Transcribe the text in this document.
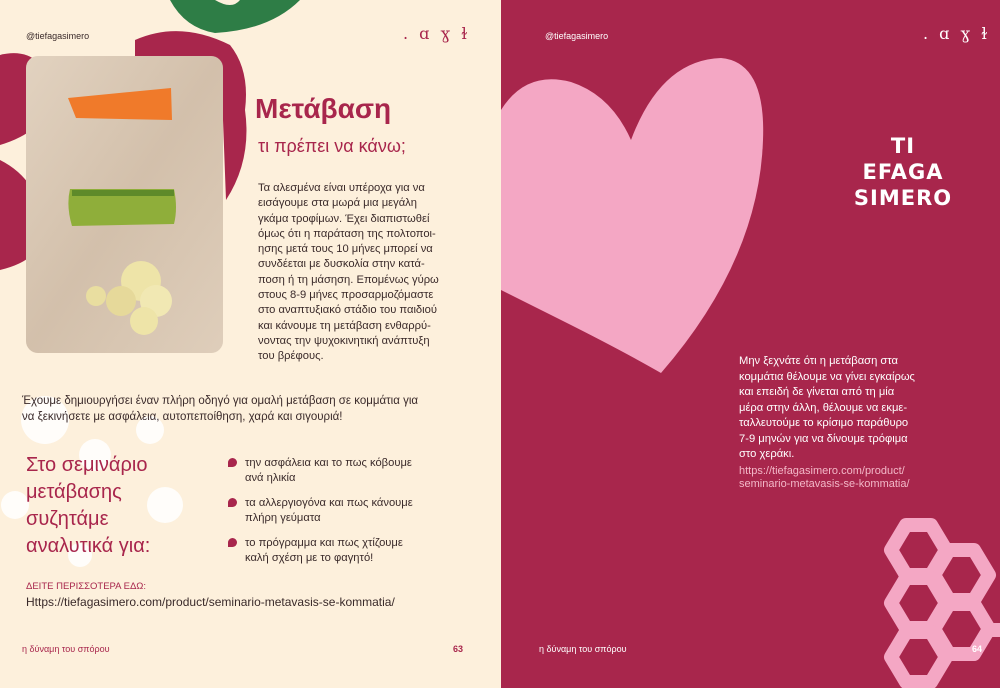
@tiefagasimero	. ɑ ɣ ɫ
Μετάβαση
τι πρέπει να κάνω;

Τα αλεσμένα είναι υπέροχα για να

εισάγουμε στα μωρά μια μεγάλη

γκάμα τροφίμων. Έχει διαπιστωθεί

όμως ότι η παράταση της πολτοποι-

ησης μετά τους 10 μήνες μπορεί να

συνδέεται με δυσκολία στην κατά-

ποση ή τη μάσηση. Επομένως γύρω

στους 8-9 μήνες προσαρμοζόμαστε

στο αναπτυξιακό στάδιο του παιδιού

και κάνουμε τη μετάβαση ενθαρρύ-

νοντας την ψυχοκινητική ανάπτυξη

του βρέφους.

Έχουμε δημιουργήσει έναν πλήρη οδηγό για ομαλή μετάβαση σε κομμάτια για

να ξεκινήσετε με ασφάλεια, αυτοπεποίθηση, χαρά και σιγουριά!

Στο σεμινάριο

μετάβασης

συζητάμε

αναλυτικά για:

την ασφάλεια και το πως κόβουμε

ανά ηλικία

τα αλλεργιογόνα και πως κάνουμε

πλήρη γεύματα

το πρόγραμμα και πως χτίζουμε

καλή σχέση με το φαγητό!

ΔΕΙΤΕ ΠΕΡΙΣΣΟΤΕΡΑ ΕΔΩ:
Https://tiefagasimero.com/product/seminario-metavasis-se-kommatia/
η δύναμη του σπόρου	63
@tiefagasimero	. ɑ ɣ ɫ
TI
EFAGA
SIMERO

Μην ξεχνάτε ότι η μετάβαση στα

κομμάτια θέλουμε να γίνει εγκαίρως

και επειδή δε γίνεται από τη μία

μέρα στην άλλη, θέλουμε να εκμε-

ταλλευτούμε το κρίσιμο παράθυρο

7-9 μηνών για να δίνουμε τρόφιμα

στο χεράκι.

https://tiefagasimero.com/product/

seminario-metavasis-se-kommatia/

η δύναμη του σπόρου	64
